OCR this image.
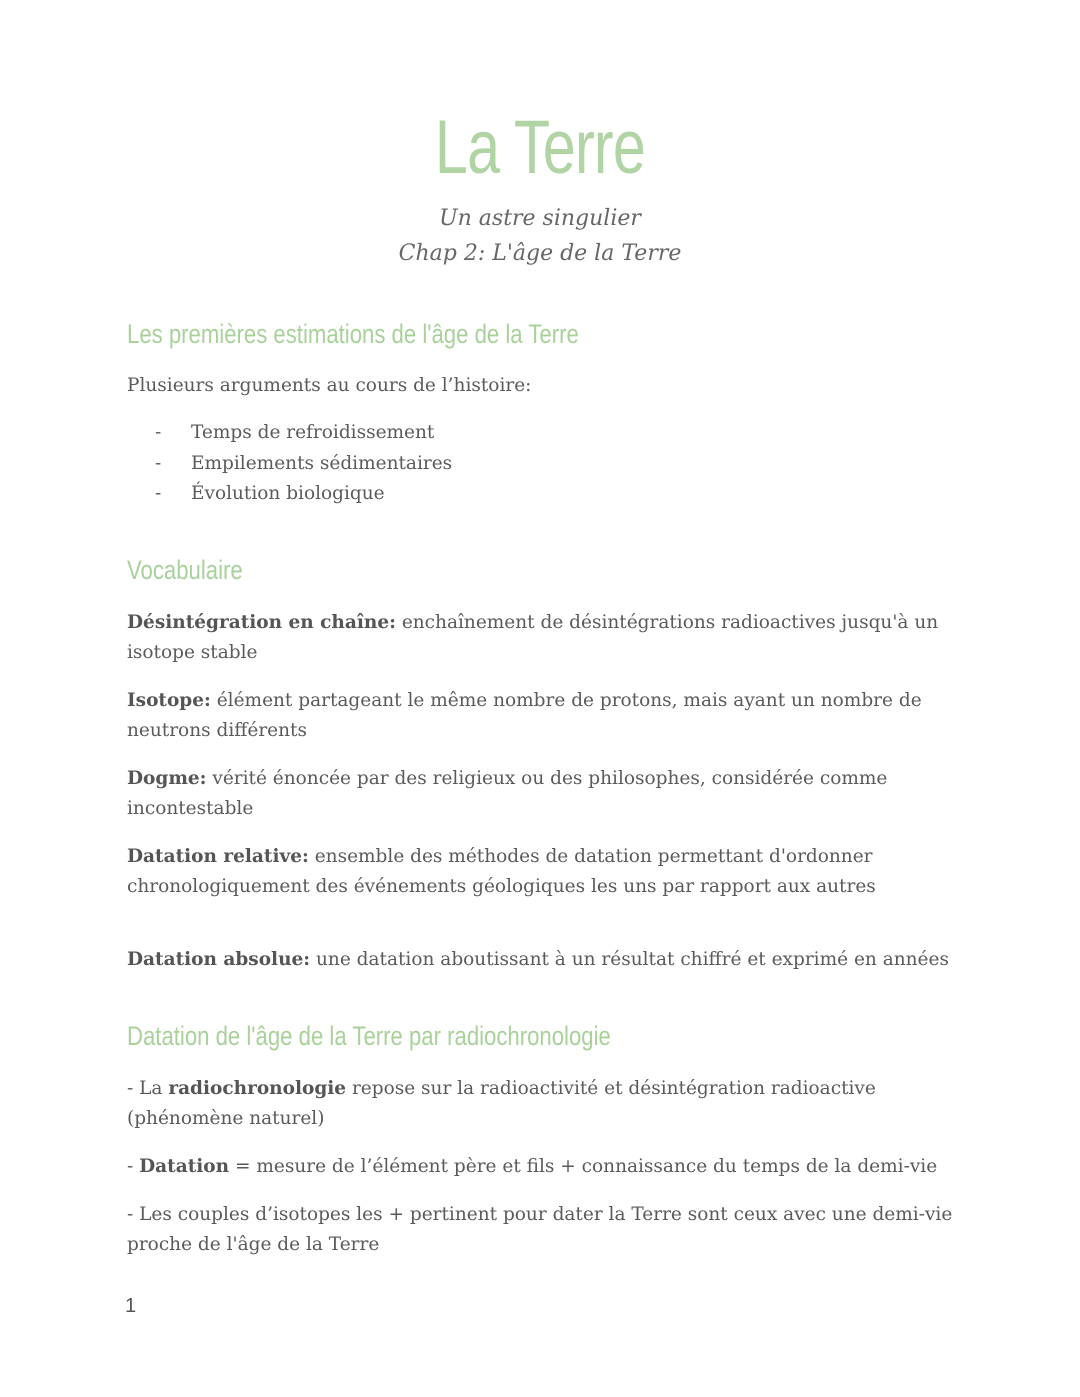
La Terre
Un astre singulier
Chap 2: L'âge de la Terre
Les premières estimations de l'âge de la Terre
Plusieurs arguments au cours de l’histoire:
- Temps de refroidissement
- Empilements sédimentaires
- Évolution biologique
Vocabulaire
Désintégration en chaîne: enchaînement de désintégrations radioactives jusqu'à un isotope stable
Isotope: élément partageant le même nombre de protons, mais ayant un nombre de neutrons différents
Dogme: vérité énoncée par des religieux ou des philosophes, considérée comme incontestable
Datation relative: ensemble des méthodes de datation permettant d'ordonner chronologiquement des événements géologiques les uns par rapport aux autres
Datation absolue: une datation aboutissant à un résultat chiffré et exprimé en années
Datation de l'âge de la Terre par radiochronologie
- La radiochronologie repose sur la radioactivité et désintégration radioactive (phénomène naturel)
- Datation = mesure de l’élément père et fils + connaissance du temps de la demi-vie
- Les couples d’isotopes les + pertinent pour dater la Terre sont ceux avec une demi-vie proche de l'âge de la Terre
1
